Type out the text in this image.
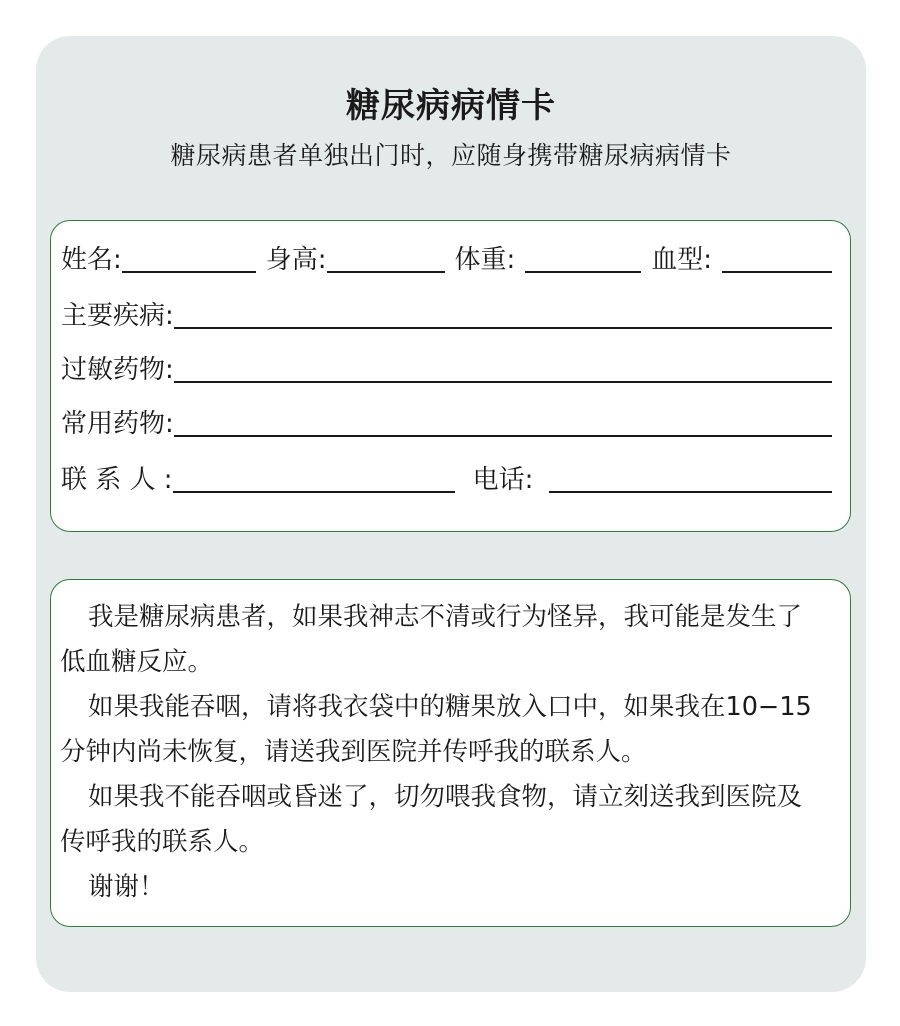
糖尿病病情卡
糖尿病患者单独出门时，应随身携带糖尿病病情卡
姓名:	身高:	体重:	血型:
主要疾病:
过敏药物:
常用药物:
联 系 人 :	电话:
我是糖尿病患者，如果我神志不清或行为怪异，我可能是发生了低血糖反应。
如果我能吞咽，请将我衣袋中的糖果放入口中，如果我在10−15分钟内尚未恢复，请送我到医院并传呼我的联系人。
如果我不能吞咽或昏迷了，切勿喂我食物，请立刻送我到医院及传呼我的联系人。
谢谢！
